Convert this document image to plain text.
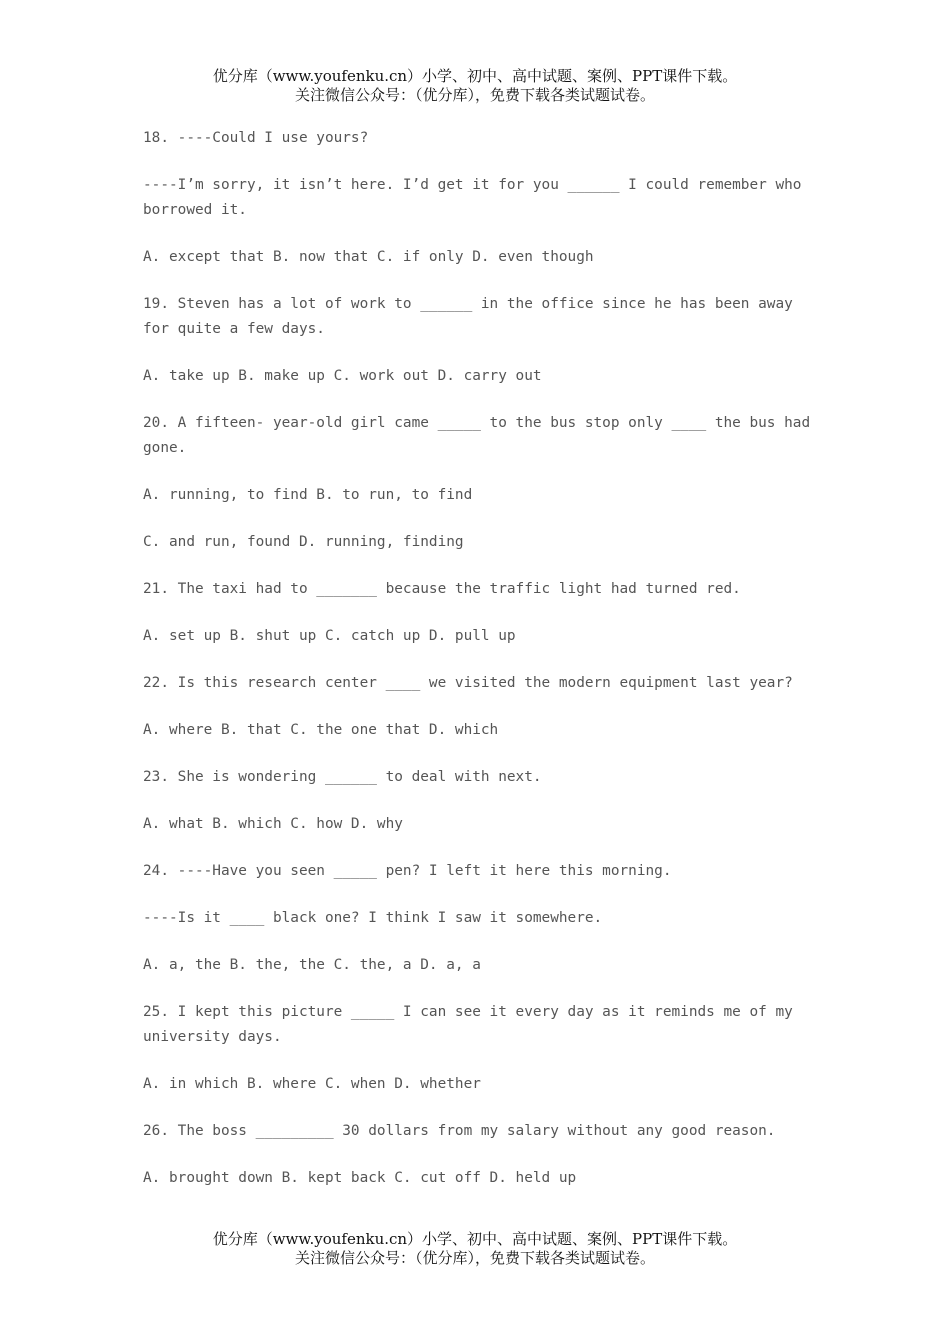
优分库（www.youfenku.cn）小学、初中、高中试题、案例、PPT课件下载。
关注微信公众号：（优分库），免费下载各类试题试卷。

18. ----Could I use yours?

----I’m sorry, it isn’t here. I’d get it for you ______ I could remember who borrowed it.

A. except that B. now that C. if only D. even though

19. Steven has a lot of work to ______ in the office since he has been away for quite a few days.

A. take up B. make up C. work out D. carry out

20. A fifteen- year-old girl came _____ to the bus stop only ____ the bus had gone.

A. running, to find B. to run, to find

C. and run, found D. running, finding

21. The taxi had to _______ because the traffic light had turned red.

A. set up B. shut up C. catch up D. pull up

22. Is this research center ____ we visited the modern equipment last year?

A. where B. that C. the one that D. which

23. She is wondering ______ to deal with next.

A. what B. which C. how D. why

24. ----Have you seen _____ pen? I left it here this morning.

----Is it ____ black one? I think I saw it somewhere.

A. a, the B. the, the C. the, a D. a, a

25. I kept this picture _____ I can see it every day as it reminds me of my university days.

A. in which B. where C. when D. whether

26. The boss _________ 30 dollars from my salary without any good reason.

A. brought down B. kept back C. cut off D. held up

优分库（www.youfenku.cn）小学、初中、高中试题、案例、PPT课件下载。
关注微信公众号：（优分库），免费下载各类试题试卷。
